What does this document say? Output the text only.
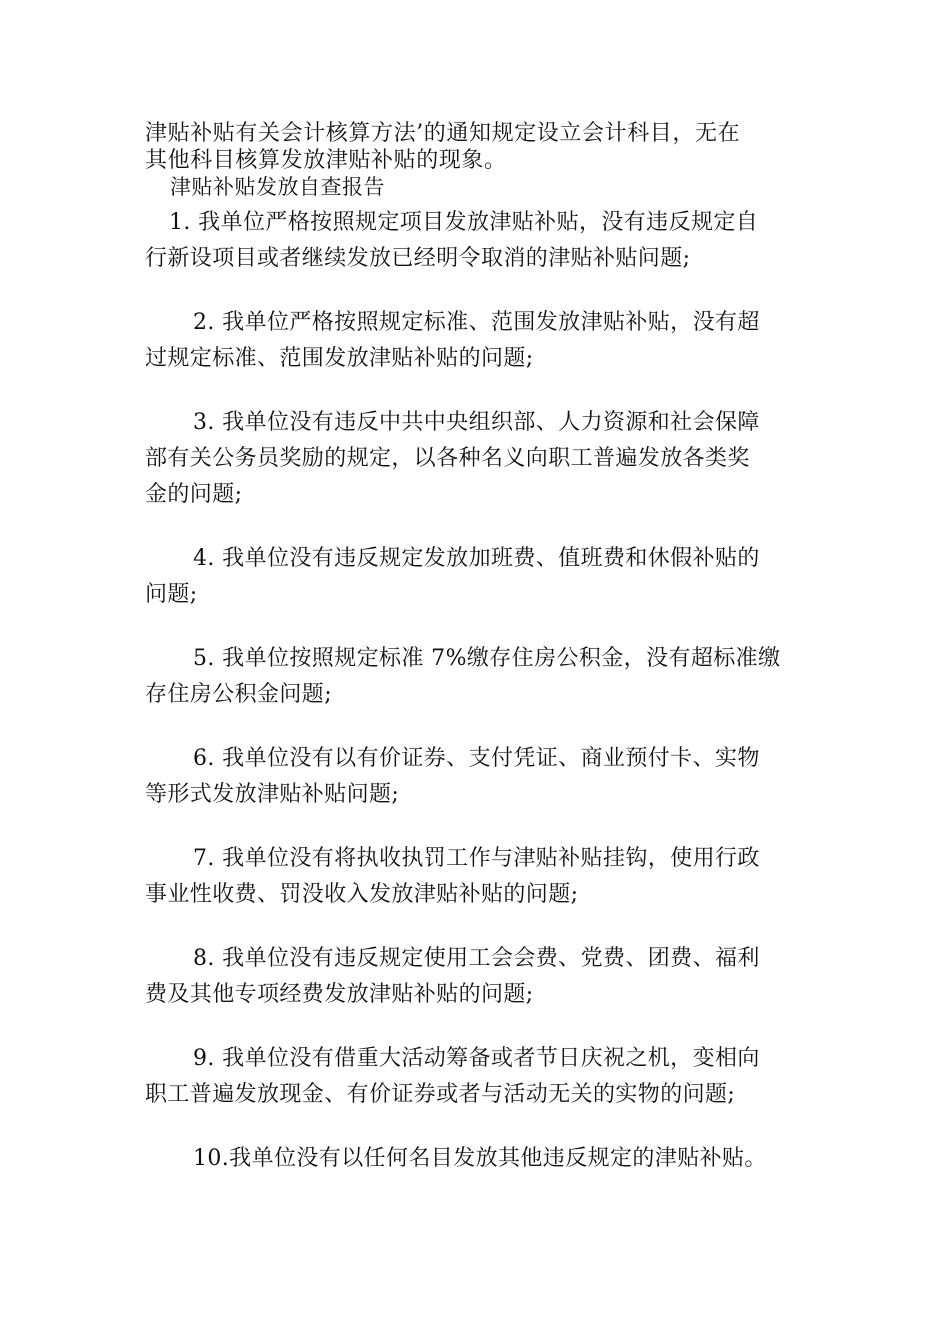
津贴补贴有关会计核算方法’的通知规定设立会计科目，无在
其他科目核算发放津贴补贴的现象。
津贴补贴发放自查报告
1. 我单位严格按照规定项目发放津贴补贴，没有违反规定自
行新设项目或者继续发放已经明令取消的津贴补贴问题;
2. 我单位严格按照规定标准、范围发放津贴补贴，没有超
过规定标准、范围发放津贴补贴的问题;
3. 我单位没有违反中共中央组织部、人力资源和社会保障
部有关公务员奖励的规定，以各种名义向职工普遍发放各类奖
金的问题;
4. 我单位没有违反规定发放加班费、值班费和休假补贴的
问题;
5. 我单位按照规定标准 7%缴存住房公积金，没有超标准缴
存住房公积金问题;
6. 我单位没有以有价证券、支付凭证、商业预付卡、实物
等形式发放津贴补贴问题;
7. 我单位没有将执收执罚工作与津贴补贴挂钩，使用行政
事业性收费、罚没收入发放津贴补贴的问题;
8. 我单位没有违反规定使用工会会费、党费、团费、福利
费及其他专项经费发放津贴补贴的问题;
9. 我单位没有借重大活动筹备或者节日庆祝之机，变相向
职工普遍发放现金、有价证券或者与活动无关的实物的问题;
10.我单位没有以任何名目发放其他违反规定的津贴补贴。
